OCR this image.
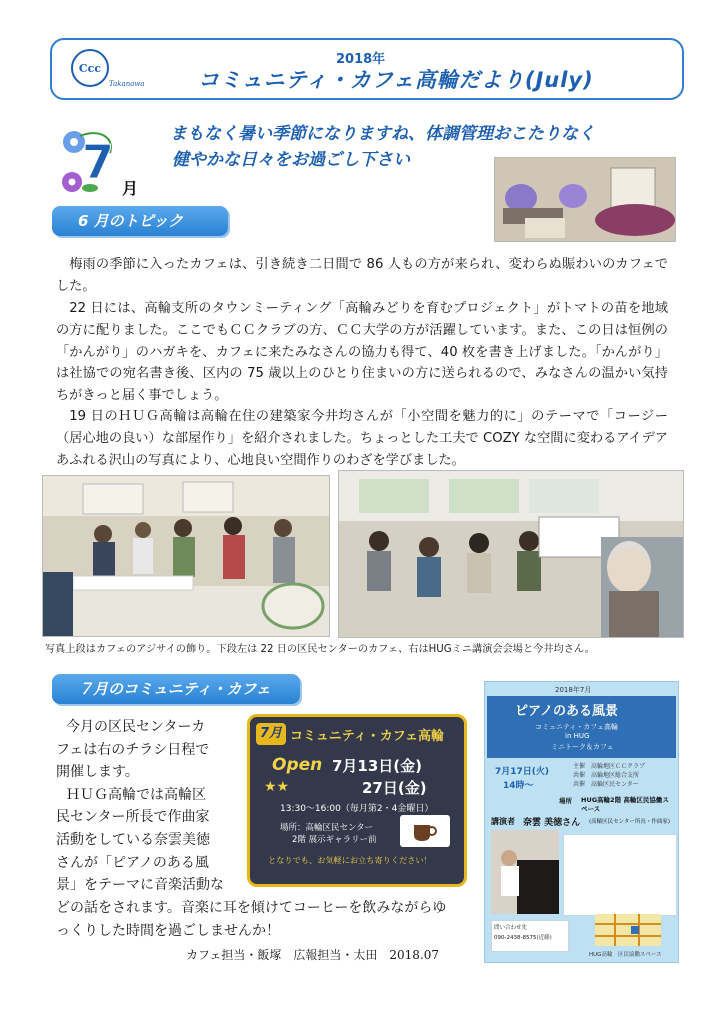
Ccc
Takanawa
2018年
コミュニティ・カフェ高輪だより(July)
7 月
まもなく暑い季節になりますね、体調管理おこたりなく
健やかな日々をお過ごし下さい
6 月のトピック
梅雨の季節に入ったカフェは、引き続き二日間で 86 人もの方が来られ、変わらぬ賑わいのカフェでした。
22 日には、高輪支所のタウンミーティング「高輪みどりを育むプロジェクト」がトマトの苗を地域の方に配りました。ここでもＣＣクラブの方、ＣＣ大学の方が活躍しています。また、この日は恒例の「かんがり」のハガキを、カフェに来たみなさんの協力も得て、40 枚を書き上げました。「かんがり」は社協での宛名書き後、区内の 75 歳以上のひとり住まいの方に送られるので、みなさんの温かい気持ちがきっと届く事でしょう。
19 日のＨＵＧ高輪は高輪在住の建築家今井均さんが「小空間を魅力的に」のテーマで「コージー（居心地の良い）な部屋作り」を紹介されました。ちょっとした工夫で COZY な空間に変わるアイデアあふれる沢山の写真により、心地良い空間作りのわざを学びました。
写真上段はカフェのアジサイの飾り。下段左は 22 日の区民センターのカフェ、右はHUGミニ講演会会場と今井均さん。
７月のコミュニティ・カフェ
今月の区民センターカ
フェは右のチラシ日程で
開催します。
ＨＵＧ高輪では高輪区
民センター所長で作曲家
活動をしている奈雲美徳
さんが「ピアノのある風
景」をテーマに音楽活動な
どの話をされます。音楽に耳を傾けてコーヒーを飲みながらゆ
っくりした時間を過ごしませんか！
7月 コミュニティ・カフェ高輪
Open 7月13日(金)
27日(金)
★★
13:30～16:00（毎月第2・4金曜日）
場所：高輪区民センター
2階 展示ギャラリー前
となりでも、お気軽にお立ち寄りください！
2018年7月
ピアノのある風景
コミュニティ・カフェ高輪
in HUG
ミニトーク＆カフェ
7月17日(火)
14時～
主催　高輪地区ＣＣクラブ
共催　高輪地区総合支所
共催　高輪区民センター
場所 HUG高輪2階 高輪区民協働スペース
講演者 奈雲 美徳さん (高輪区民センター所長・作曲家)
問い合わせ先
090-2438-8575(近藤)
HUG高輪　区民協働スペース
カフェ担当・飯塚　広報担当・太田　2018.07
